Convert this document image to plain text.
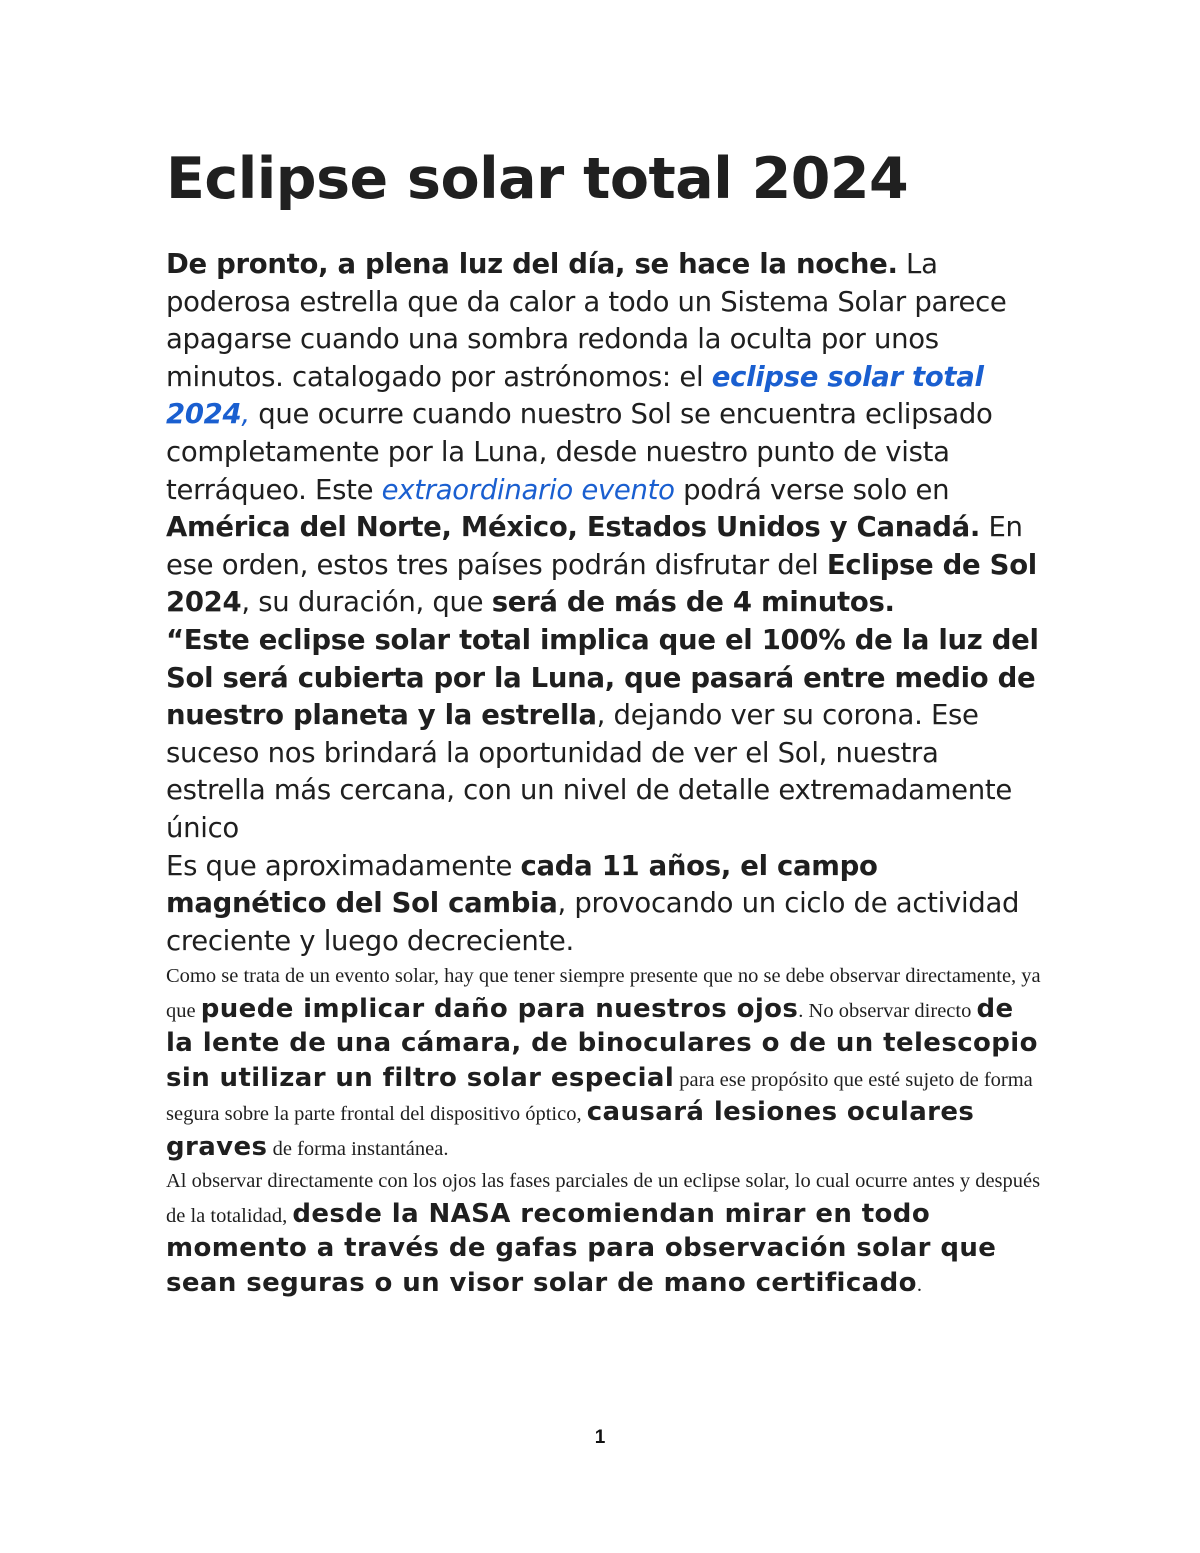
Eclipse solar total 2024

De pronto, a plena luz del día, se hace la noche. La poderosa estrella que da calor a todo un Sistema Solar parece apagarse cuando una sombra redonda la oculta por unos minutos. catalogado por astrónomos: el eclipse solar total 2024, que ocurre cuando nuestro Sol se encuentra eclipsado completamente por la Luna, desde nuestro punto de vista terráqueo. Este extraordinario evento podrá verse solo en América del Norte, México, Estados Unidos y Canadá. En ese orden, estos tres países podrán disfrutar del Eclipse de Sol 2024, su duración, que será de más de 4 minutos.

“Este eclipse solar total implica que el 100% de la luz del Sol será cubierta por la Luna, que pasará entre medio de nuestro planeta y la estrella, dejando ver su corona. Ese suceso nos brindará la oportunidad de ver el Sol, nuestra estrella más cercana, con un nivel de detalle extremadamente único

Es que aproximadamente cada 11 años, el campo magnético del Sol cambia, provocando un ciclo de actividad creciente y luego decreciente.

Como se trata de un evento solar, hay que tener siempre presente que no se debe observar directamente, ya que puede implicar daño para nuestros ojos. No observar directo de la lente de una cámara, de binoculares o de un telescopio sin utilizar un filtro solar especial para ese propósito que esté sujeto de forma segura sobre la parte frontal del dispositivo óptico, causará lesiones oculares graves de forma instantánea.

Al observar directamente con los ojos las fases parciales de un eclipse solar, lo cual ocurre antes y después de la totalidad, desde la NASA recomiendan mirar en todo momento a través de gafas para observación solar que sean seguras o un visor solar de mano certificado.

1
